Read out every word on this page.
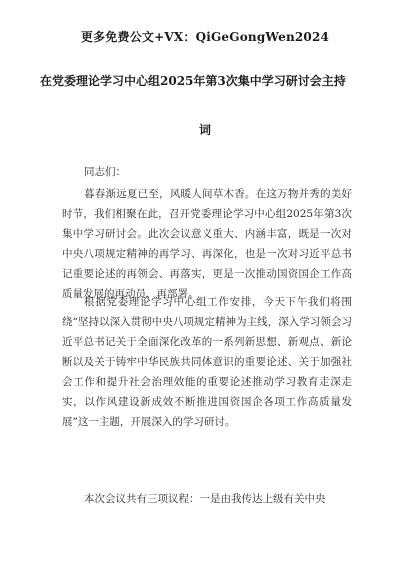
更多免费公文+VX：QiGeGongWen2024
在党委理论学习中心组2025年第3次集中学习研讨会主持
词
同志们：
暮春渐远夏已至，风暖人间草木香。在这万物并秀的美好时节，我们相聚在此，召开党委理论学习中心组2025年第3次集中学习研讨会。此次会议意义重大、内涵丰富，既是一次对中央八项规定精神的再学习、再深化，也是一次对习近平总书记重要论述的再领会、再落实，更是一次推动国资国企工作高质量发展的再动员、再部署。
根据党委理论学习中心组工作安排，今天下午我们将围绕“坚持以深入贯彻中央八项规定精神为主线，深入学习领会习近平总书记关于全面深化改革的一系列新思想、新观点、新论断以及关于铸牢中华民族共同体意识的重要论述、关于加强社会工作和提升社会治理效能的重要论述推动学习教育走深走实，以作风建设新成效不断推进国资国企各项工作高质量发展”这一主题，开展深入的学习研讨。
本次会议共有三项议程：一是由我传达上级有关中央
